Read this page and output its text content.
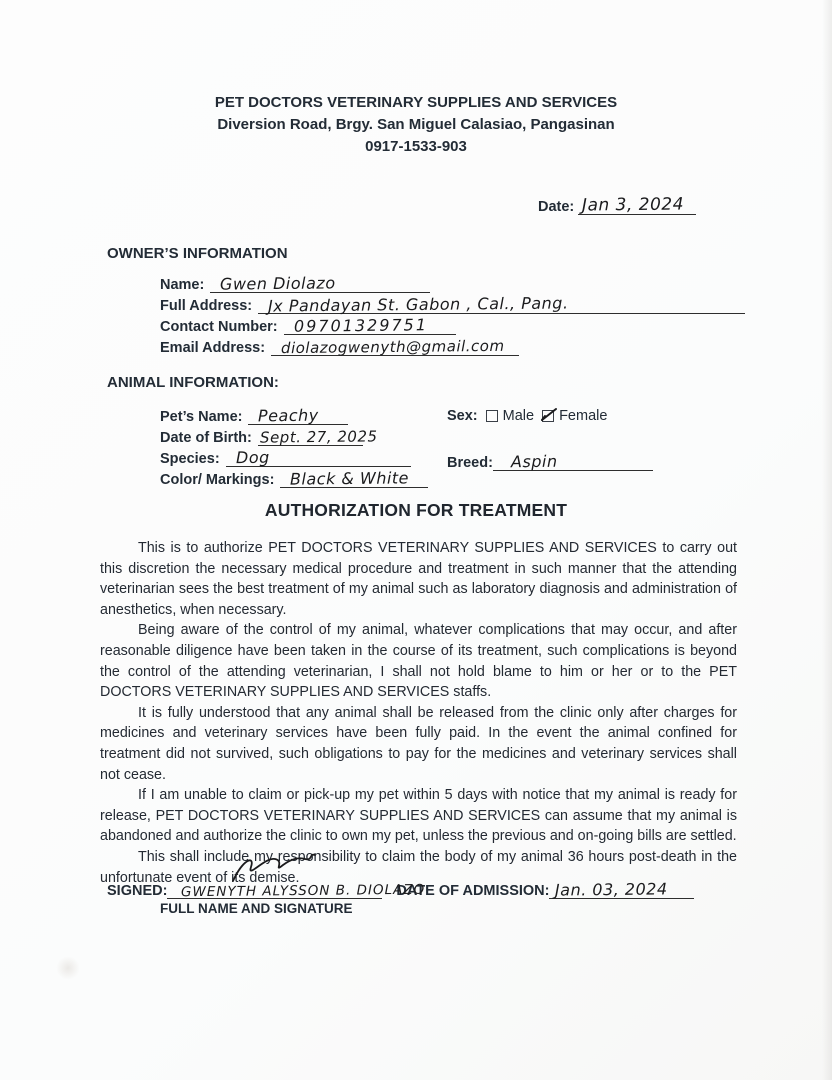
PET DOCTORS VETERINARY SUPPLIES AND SERVICES
Diversion Road, Brgy. San Miguel Calasiao, Pangasinan
0917-1533-903
Date: Jan 3, 2024
OWNER’S INFORMATION
Name: Gwen Diolazo
Full Address: Jx Pandayan St. Gabon , Cal., Pang.
Contact Number: 09701329751
Email Address: diolazogwenyth@gmail.com
ANIMAL INFORMATION:
Pet’s Name: Peachy
Date of Birth: Sept. 27, 2025
Species: Dog
Color/ Markings: Black & White
Sex: Male Female
Breed: Aspin
AUTHORIZATION FOR TREATMENT

This is to authorize PET DOCTORS VETERINARY SUPPLIES AND SERVICES to carry out this discretion the necessary medical procedure and treatment in such manner that the attending veterinarian sees the best treatment of my animal such as laboratory diagnosis and administration of anesthetics, when necessary.

Being aware of the control of my animal, whatever complications that may occur, and after reasonable diligence have been taken in the course of its treatment, such complications is beyond the control of the attending veterinarian, I shall not hold blame to him or her or to the PET DOCTORS VETERINARY SUPPLIES AND SERVICES staffs.

It is fully understood that any animal shall be released from the clinic only after charges for medicines and veterinary services have been fully paid. In the event the animal confined for treatment did not survived, such obligations to pay for the medicines and veterinary services shall not cease.

If I am unable to claim or pick-up my pet within 5 days with notice that my animal is ready for release, PET DOCTORS VETERINARY SUPPLIES AND SERVICES can assume that my animal is abandoned and authorize the clinic to own my pet, unless the previous and on-going bills are settled.

This shall include my responsibility to claim the body of my animal 36 hours post-death in the unfortunate event of its demise.

SIGNED: GWENYTH ALYSSON B. DIOLAZO
DATE OF ADMISSION: Jan. 03, 2024
FULL NAME AND SIGNATURE
